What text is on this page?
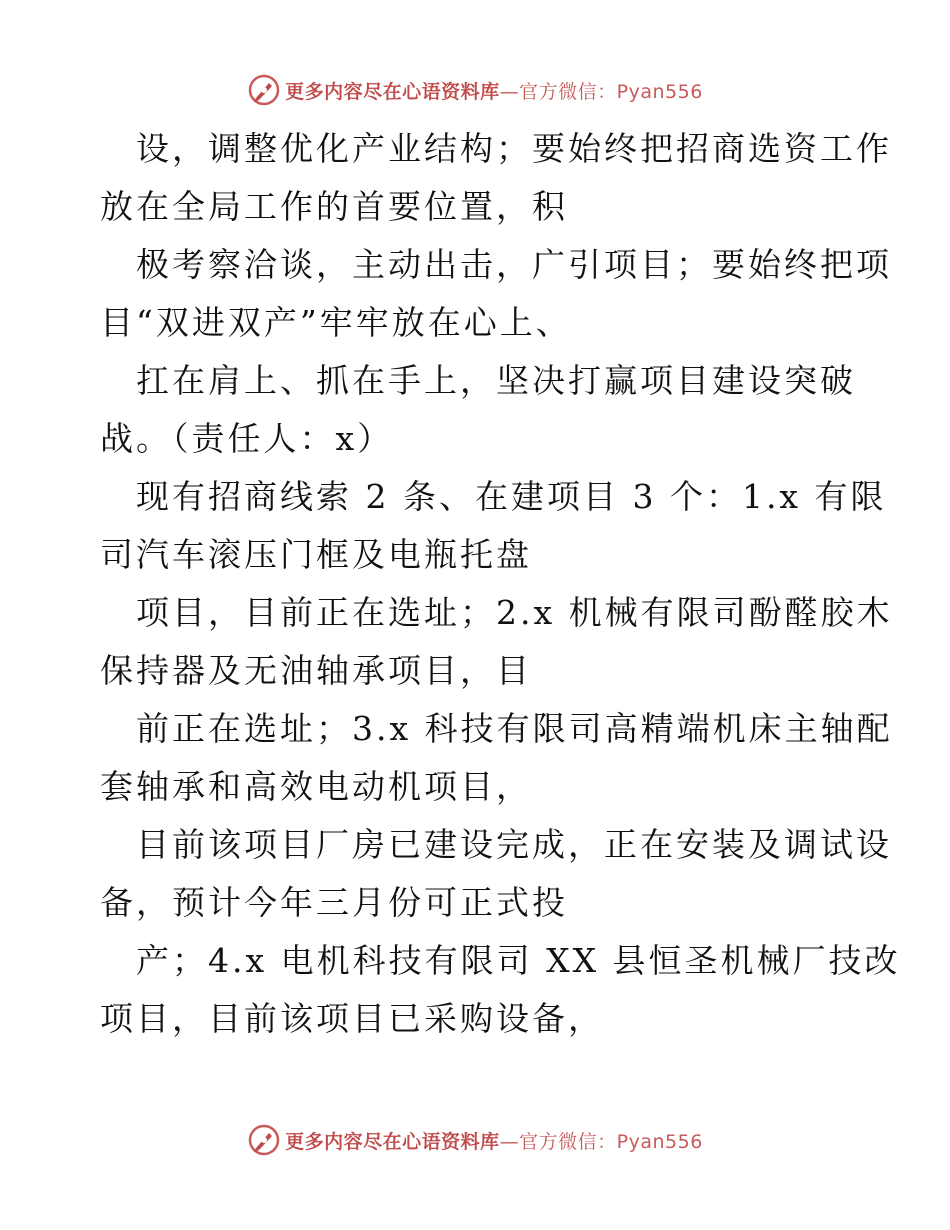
更多内容尽在心语资料库—官方微信：Pyan556
设，调整优化产业结构；要始终把招商选资工作
放在全局工作的首要位置，积
极考察洽谈，主动出击，广引项目；要始终把项
目“双进双产”牢牢放在心上、
扛在肩上、抓在手上，坚决打赢项目建设突破
战。（责任人：x）
现有招商线索 2 条、在建项目 3 个：1.x 有限
司汽车滚压门框及电瓶托盘
项目，目前正在选址；2.x 机械有限司酚醛胶木
保持器及无油轴承项目，目
前正在选址；3.x 科技有限司高精端机床主轴配
套轴承和高效电动机项目，
目前该项目厂房已建设完成，正在安装及调试设
备，预计今年三月份可正式投
产；4.x 电机科技有限司 XX 县恒圣机械厂技改
项目，目前该项目已采购设备，
更多内容尽在心语资料库—官方微信：Pyan556
